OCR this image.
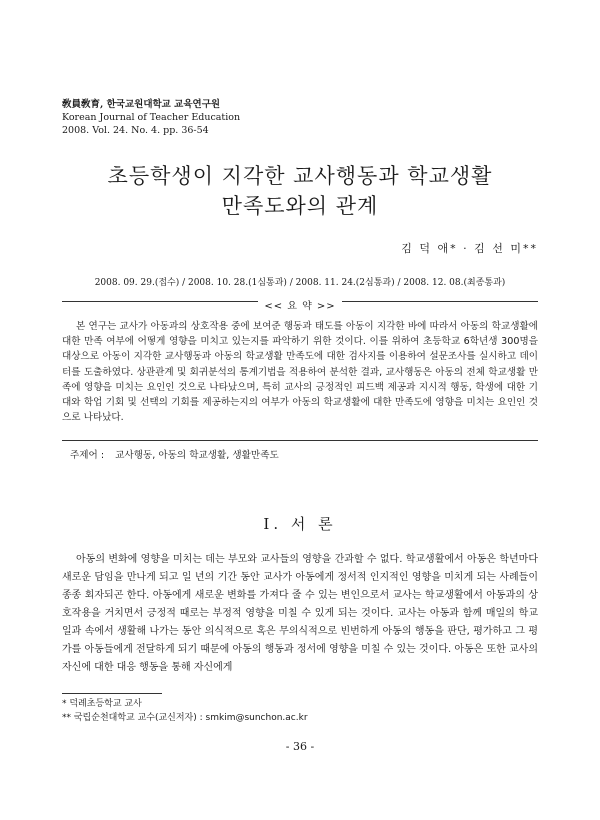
敎員敎育, 한국교원대학교 교육연구원
Korean Journal of Teacher Education
2008. Vol. 24. No. 4. pp. 36-54
초등학생이 지각한 교사행동과 학교생활
만족도와의 관계
김 덕 애* · 김 선 미**
2008. 09. 29.(접수) / 2008. 10. 28.(1심통과) / 2008. 11. 24.(2심통과) / 2008. 12. 08.(최종통과)
<< 요 약 >>
본 연구는 교사가 아동과의 상호작용 중에 보여준 행동과 태도를 아동이 지각한 바에 따라서 아동의 학교생활에 대한 만족 여부에 어떻게 영향을 미치고 있는지를 파악하기 위한 것이다. 이를 위하여 초등학교 6학년생 300명을 대상으로 아동이 지각한 교사행동과 아동의 학교생활 만족도에 대한 검사지를 이용하여 설문조사를 실시하고 데이터를 도출하였다. 상관관계 및 회귀분석의 통계기법을 적용하여 분석한 결과, 교사행동은 아동의 전체 학교생활 만족에 영향을 미치는 요인인 것으로 나타났으며, 특히 교사의 긍정적인 피드백 제공과 지시적 행동, 학생에 대한 기대와 학업 기회 및 선택의 기회를 제공하는지의 여부가 아동의 학교생활에 대한 만족도에 영향을 미치는 요인인 것으로 나타났다.
주제어 : 교사행동, 아동의 학교생활, 생활만족도
I. 서 론
아동의 변화에 영향을 미치는 데는 부모와 교사들의 영향을 간과할 수 없다. 학교생활에서 아동은 학년마다 새로운 담임을 만나게 되고 일 년의 기간 동안 교사가 아동에게 정서적 인지적인 영향을 미치게 되는 사례들이 종종 회자되곤 한다. 아동에게 새로운 변화를 가져다 줄 수 있는 변인으로서 교사는 학교생활에서 아동과의 상호작용을 거치면서 긍정적 때로는 부정적 영향을 미칠 수 있게 되는 것이다. 교사는 아동과 함께 매일의 학교 일과 속에서 생활해 나가는 동안 의식적으로 혹은 무의식적으로 빈번하게 아동의 행동을 판단, 평가하고 그 평가를 아동들에게 전달하게 되기 때문에 아동의 행동과 정서에 영향을 미칠 수 있는 것이다. 아동은 또한 교사의 자신에 대한 대응 행동을 통해 자신에게
* 덕례초등학교 교사
** 국립순천대학교 교수(교신저자) : smkim@sunchon.ac.kr
- 36 -
